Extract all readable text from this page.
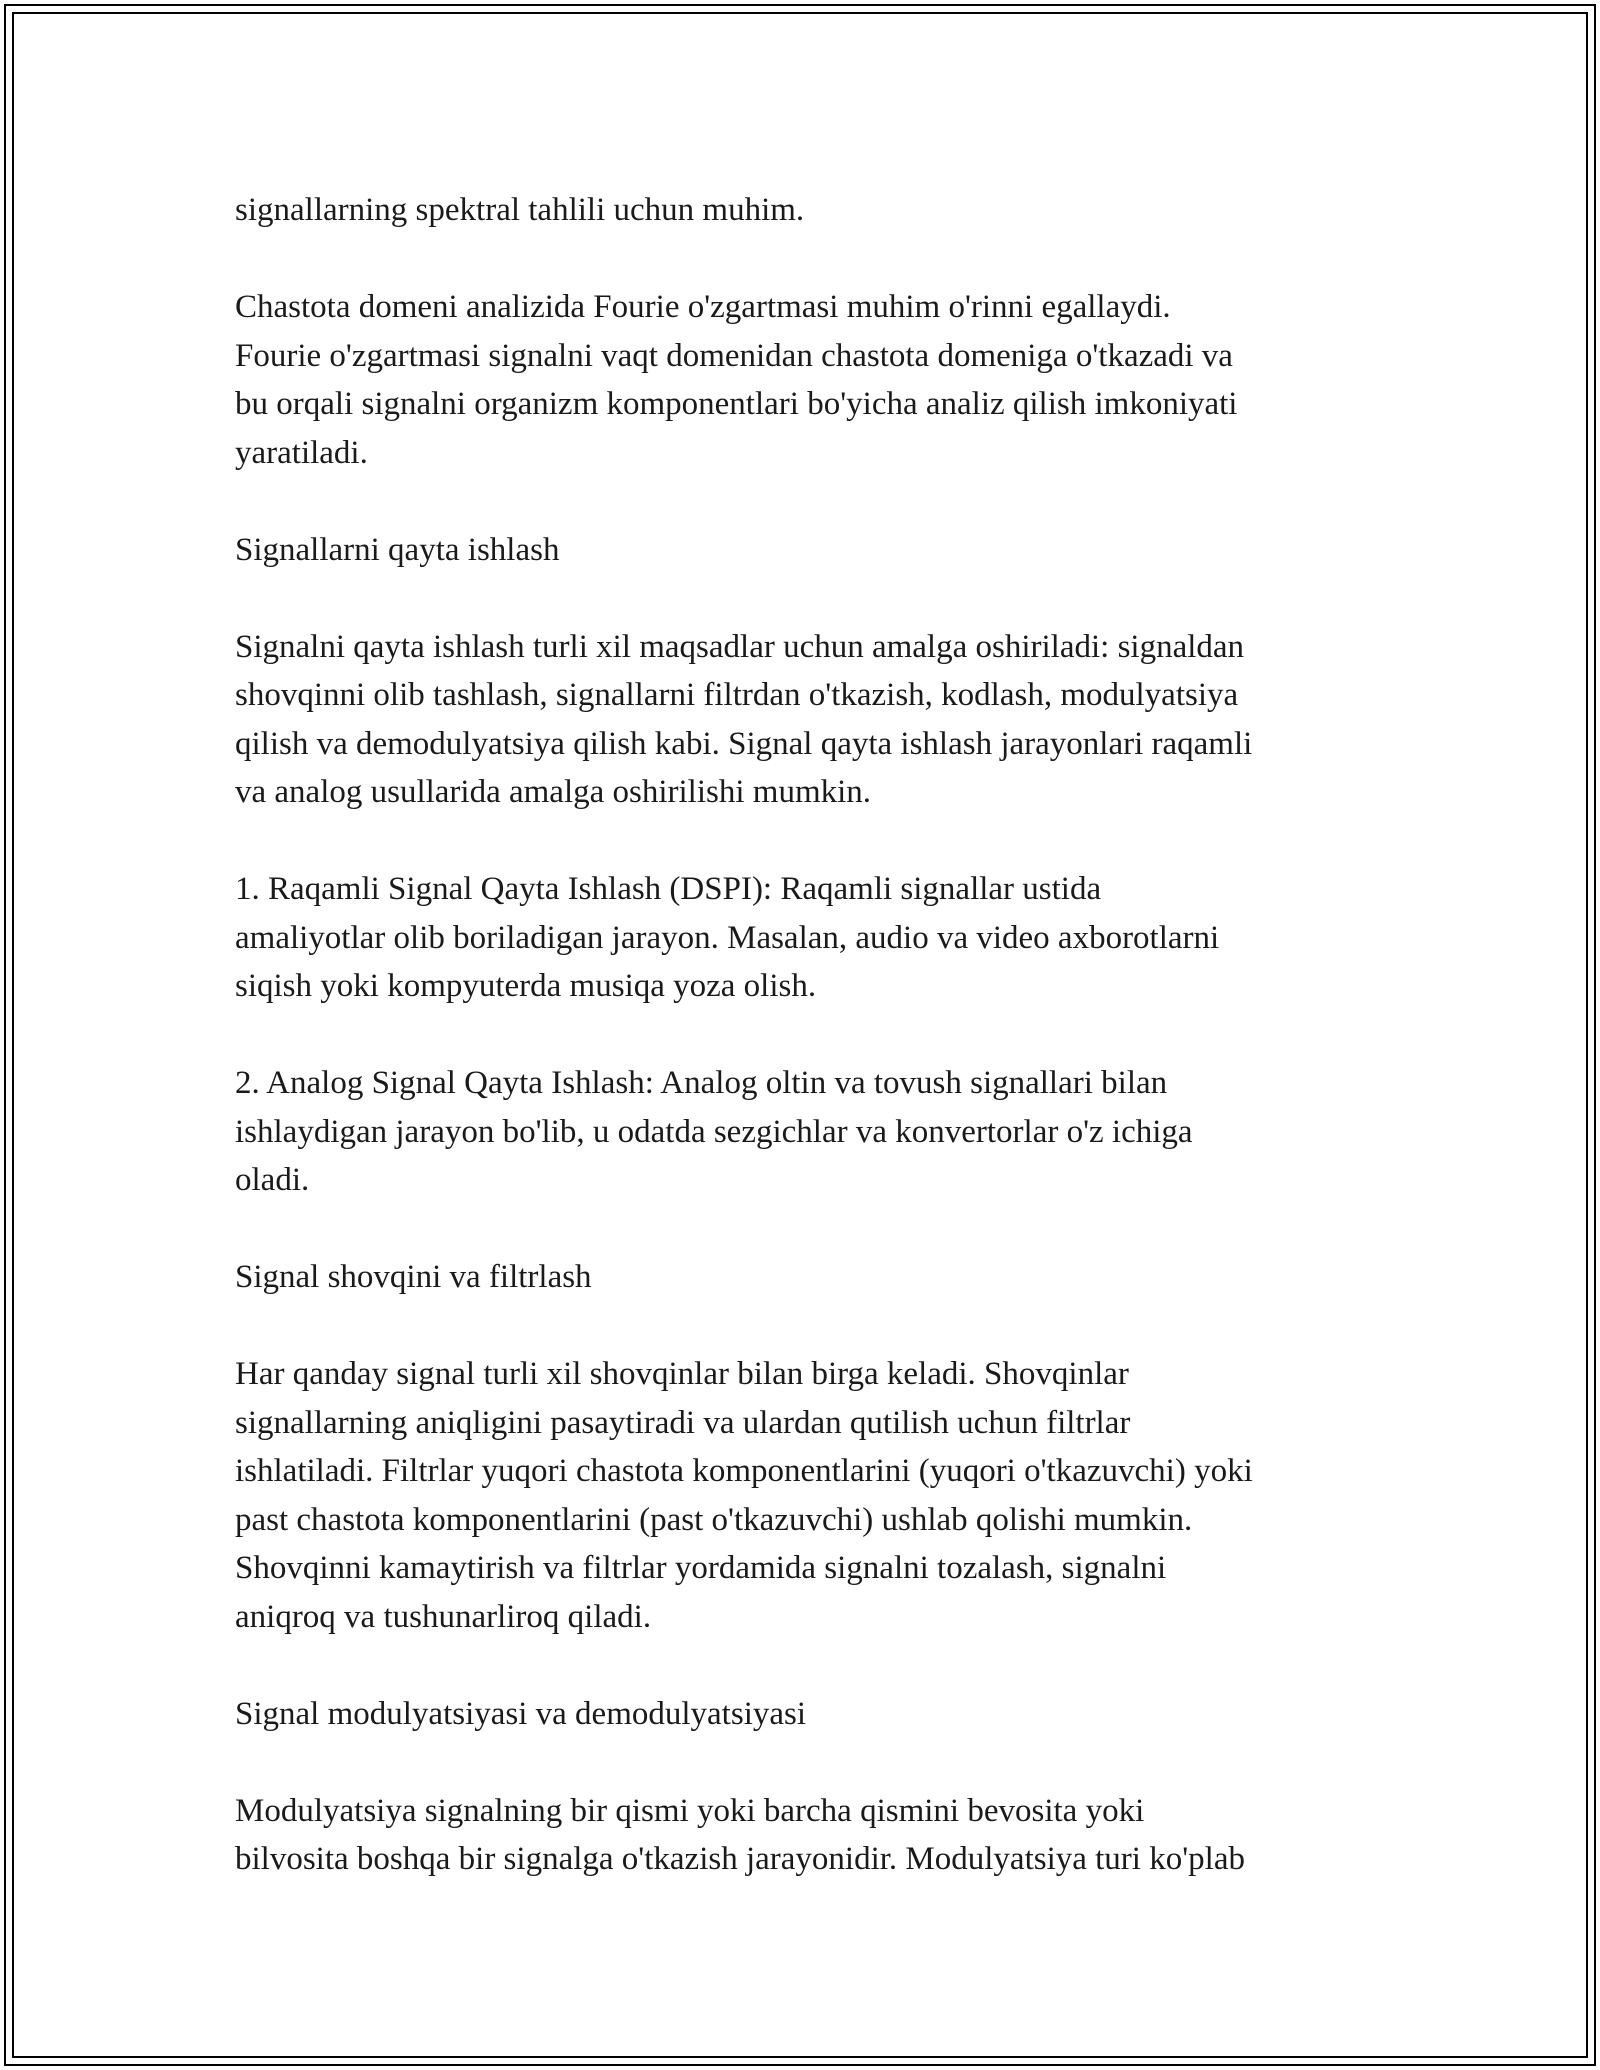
signallarning spektral tahlili uchun muhim.

Chastota domeni analizida Fourie o'zgartmasi muhim o'rinni egallaydi.
Fourie o'zgartmasi signalni vaqt domenidan chastota domeniga o'tkazadi va
bu orqali signalni organizm komponentlari bo'yicha analiz qilish imkoniyati
yaratiladi.

Signallarni qayta ishlash

Signalni qayta ishlash turli xil maqsadlar uchun amalga oshiriladi: signaldan
shovqinni olib tashlash, signallarni filtrdan o'tkazish, kodlash, modulyatsiya
qilish va demodulyatsiya qilish kabi. Signal qayta ishlash jarayonlari raqamli
va analog usullarida amalga oshirilishi mumkin.

1. Raqamli Signal Qayta Ishlash (DSPI): Raqamli signallar ustida
amaliyotlar olib boriladigan jarayon. Masalan, audio va video axborotlarni
siqish yoki kompyuterda musiqa yoza olish.

2. Analog Signal Qayta Ishlash: Analog oltin va tovush signallari bilan
ishlaydigan jarayon bo'lib, u odatda sezgichlar va konvertorlar o'z ichiga
oladi.

Signal shovqini va filtrlash

Har qanday signal turli xil shovqinlar bilan birga keladi. Shovqinlar
signallarning aniqligini pasaytiradi va ulardan qutilish uchun filtrlar
ishlatiladi. Filtrlar yuqori chastota komponentlarini (yuqori o'tkazuvchi) yoki
past chastota komponentlarini (past o'tkazuvchi) ushlab qolishi mumkin.
Shovqinni kamaytirish va filtrlar yordamida signalni tozalash, signalni
aniqroq va tushunarliroq qiladi.

Signal modulyatsiyasi va demodulyatsiyasi

Modulyatsiya signalning bir qismi yoki barcha qismini bevosita yoki
bilvosita boshqa bir signalga o'tkazish jarayonidir. Modulyatsiya turi ko'plab
